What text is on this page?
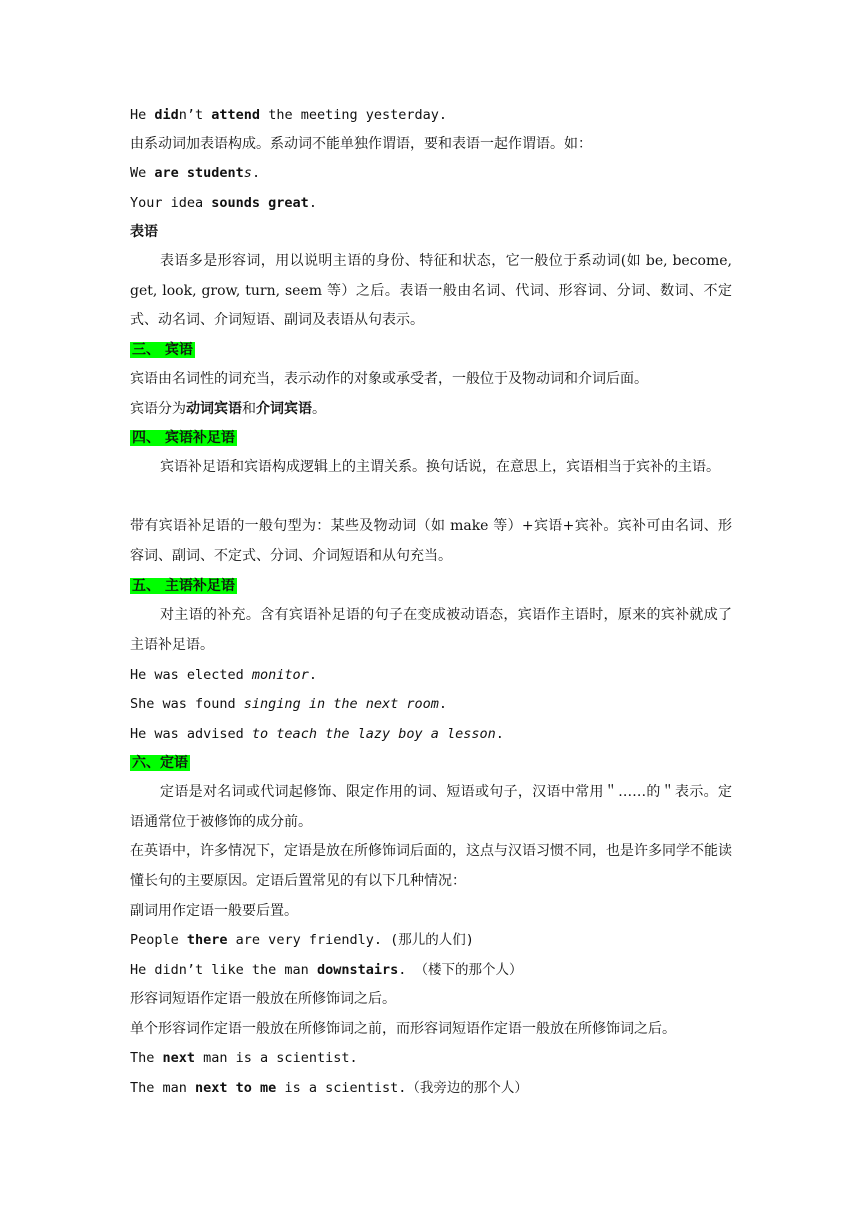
He didn’t attend the meeting yesterday.
由系动词加表语构成。系动词不能单独作谓语，要和表语一起作谓语。如：
We are students.
Your idea sounds great.
表语
表语多是形容词，用以说明主语的身份、特征和状态，它一般位于系动词(如 be, become, get, look, grow, turn, seem 等）之后。表语一般由名词、代词、形容词、分词、数词、不定式、动名词、介词短语、副词及表语从句表示。
三、 宾语
宾语由名词性的词充当，表示动作的对象或承受者，一般位于及物动词和介词后面。
宾语分为动词宾语和介词宾语。
四、 宾语补足语
宾语补足语和宾语构成逻辑上的主谓关系。换句话说，在意思上，宾语相当于宾补的主语。
带有宾语补足语的一般句型为：某些及物动词（如 make 等）+宾语+宾补。宾补可由名词、形容词、副词、不定式、分词、介词短语和从句充当。
五、 主语补足语
对主语的补充。含有宾语补足语的句子在变成被动语态，宾语作主语时，原来的宾补就成了主语补足语。
He was elected monitor.
She was found singing in the next room.
He was advised to teach the lazy boy a lesson.
六、定语
定语是对名词或代词起修饰、限定作用的词、短语或句子，汉语中常用＂……的＂表示。定语通常位于被修饰的成分前。
在英语中，许多情况下，定语是放在所修饰词后面的，这点与汉语习惯不同，也是许多同学不能读懂长句的主要原因。定语后置常见的有以下几种情况：
副词用作定语一般要后置。
People there are very friendly. (那儿的人们)
He didn’t like the man downstairs. （楼下的那个人）
形容词短语作定语一般放在所修饰词之后。
单个形容词作定语一般放在所修饰词之前，而形容词短语作定语一般放在所修饰词之后。
The next man is a scientist.
The man next to me is a scientist.（我旁边的那个人）
